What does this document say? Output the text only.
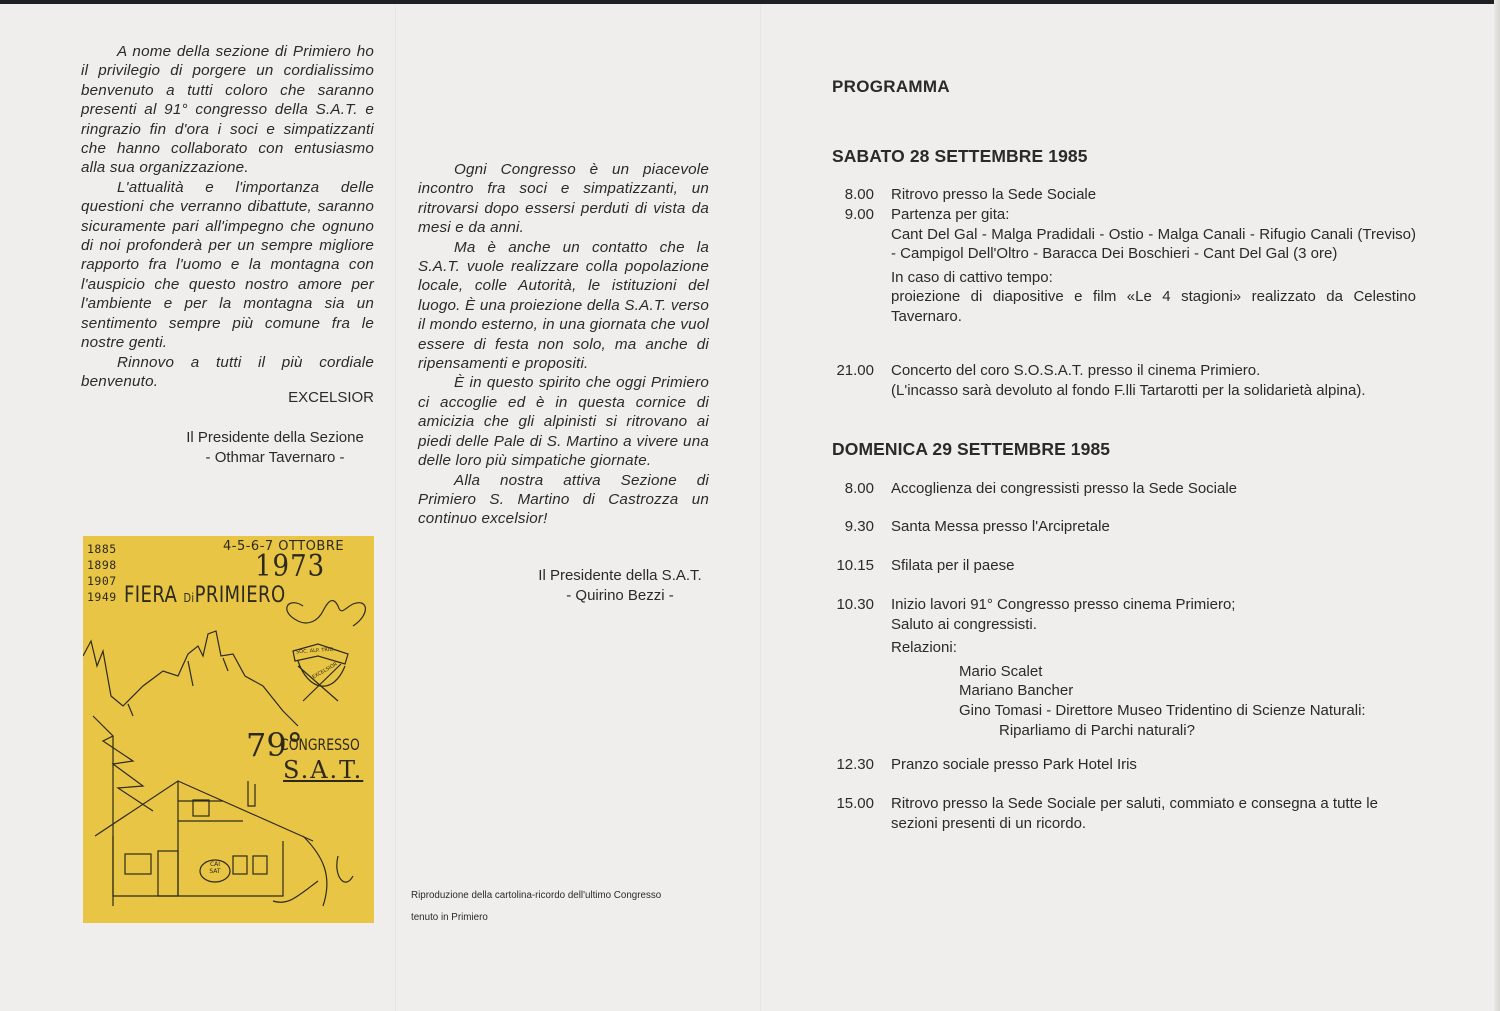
A nome della sezione di Primiero ho il privilegio di porgere un cordialissimo benvenuto a tutti coloro che saranno presenti al 91° congresso della S.A.T. e ringrazio fin d'ora i soci e simpatizzanti che hanno collaborato con entusiasmo alla sua organizzazione.

L'attualità e l'importanza delle questioni che verranno dibattute, saranno sicuramente pari all'impegno che ognuno di noi profonderà per un sempre migliore rapporto fra l'uomo e la montagna con l'auspicio che questo nostro amore per l'ambiente e per la montagna sia un sentimento sempre più comune fra le nostre genti.

Rinnovo a tutti il più cordiale benvenuto.

EXCELSIOR
Il Presidente della Sezione
- Othmar Tavernaro -
1885
1898
1907
1949
4-5-6-7 OTTOBRE
1973
FIERA DiPRIMIERO
SOC. ALP. TRID.
EXCELSIOR
79°
CONGRESSO
S.A.T.
CAI
SAT

Ogni Congresso è un piacevole incontro fra soci e simpatizzanti, un ritrovarsi dopo essersi perduti di vista da mesi e da anni.

Ma è anche un contatto che la S.A.T. vuole realizzare colla popolazione locale, colle Autorità, le istituzioni del luogo. È una proiezione della S.A.T. verso il mondo esterno, in una giornata che vuol essere di festa non solo, ma anche di ripensamenti e propositi.

È in questo spirito che oggi Primiero ci accoglie ed è in questa cornice di amicizia che gli alpinisti si ritrovano ai piedi delle Pale di S. Martino a vivere una delle loro più simpatiche giornate.

Alla nostra attiva Sezione di Primiero S. Martino di Castrozza un continuo excelsior!

Il Presidente della S.A.T.
- Quirino Bezzi -
Riproduzione della cartolina-ricordo dell'ultimo Congresso
tenuto in Primiero
PROGRAMMA
SABATO 28 SETTEMBRE 1985
8.00 Ritrovo presso la Sede Sociale

9.00 Partenza per gita:

Cant Del Gal - Malga Pradidali - Ostio - Malga Canali - Rifugio Canali (Treviso) - Campigol Dell'Oltro - Baracca Dei Boschieri - Cant Del Gal (3 ore)

In caso di cattivo tempo:

proiezione di diapositive e film «Le 4 stagioni» realizzato da Celestino Tavernaro.

21.00 Concerto del coro S.O.S.A.T. presso il cinema Primiero.

(L'incasso sarà devoluto al fondo F.lli Tartarotti per la solidarietà alpina).

DOMENICA 29 SETTEMBRE 1985
8.00 Accoglienza dei congressisti presso la Sede Sociale

9.30 Santa Messa presso l'Arcipretale

10.15 Sfilata per il paese

10.30 Inizio lavori 91° Congresso presso cinema Primiero;

Saluto ai congressisti.

Relazioni:

Mario Scalet

Mariano Bancher

Gino Tomasi - Direttore Museo Tridentino di Scienze Naturali:

Riparliamo di Parchi naturali?

12.30 Pranzo sociale presso Park Hotel Iris

15.00 Ritrovo presso la Sede Sociale per saluti, commiato e consegna a tutte le sezioni presenti di un ricordo.
